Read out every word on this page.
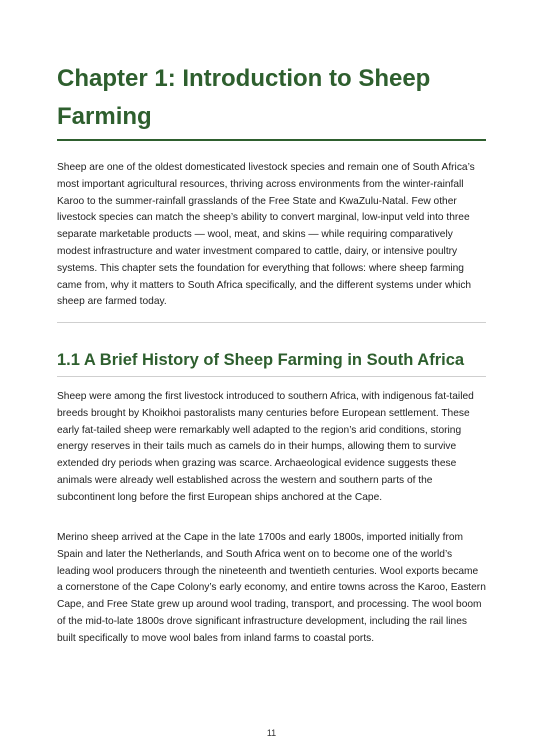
Chapter 1: Introduction to Sheep Farming

Sheep are one of the oldest domesticated livestock species and remain one of South Africa’s most important agricultural resources, thriving across environments from the winter-rainfall Karoo to the summer-rainfall grasslands of the Free State and KwaZulu-Natal. Few other livestock species can match the sheep’s ability to convert marginal, low-input veld into three separate marketable products — wool, meat, and skins — while requiring comparatively modest infrastructure and water investment compared to cattle, dairy, or intensive poultry systems. This chapter sets the foundation for everything that follows: where sheep farming came from, why it matters to South Africa specifically, and the different systems under which sheep are farmed today.

1.1 A Brief History of Sheep Farming in South Africa

Sheep were among the first livestock introduced to southern Africa, with indigenous fat-tailed breeds brought by Khoikhoi pastoralists many centuries before European settlement. These early fat-tailed sheep were remarkably well adapted to the region’s arid conditions, storing energy reserves in their tails much as camels do in their humps, allowing them to survive extended dry periods when grazing was scarce. Archaeological evidence suggests these animals were already well established across the western and southern parts of the subcontinent long before the first European ships anchored at the Cape.

Merino sheep arrived at the Cape in the late 1700s and early 1800s, imported initially from Spain and later the Netherlands, and South Africa went on to become one of the world’s leading wool producers through the nineteenth and twentieth centuries. Wool exports became a cornerstone of the Cape Colony’s early economy, and entire towns across the Karoo, Eastern Cape, and Free State grew up around wool trading, transport, and processing. The wool boom of the mid-to-late 1800s drove significant infrastructure development, including the rail lines built specifically to move wool bales from inland farms to coastal ports.

11
